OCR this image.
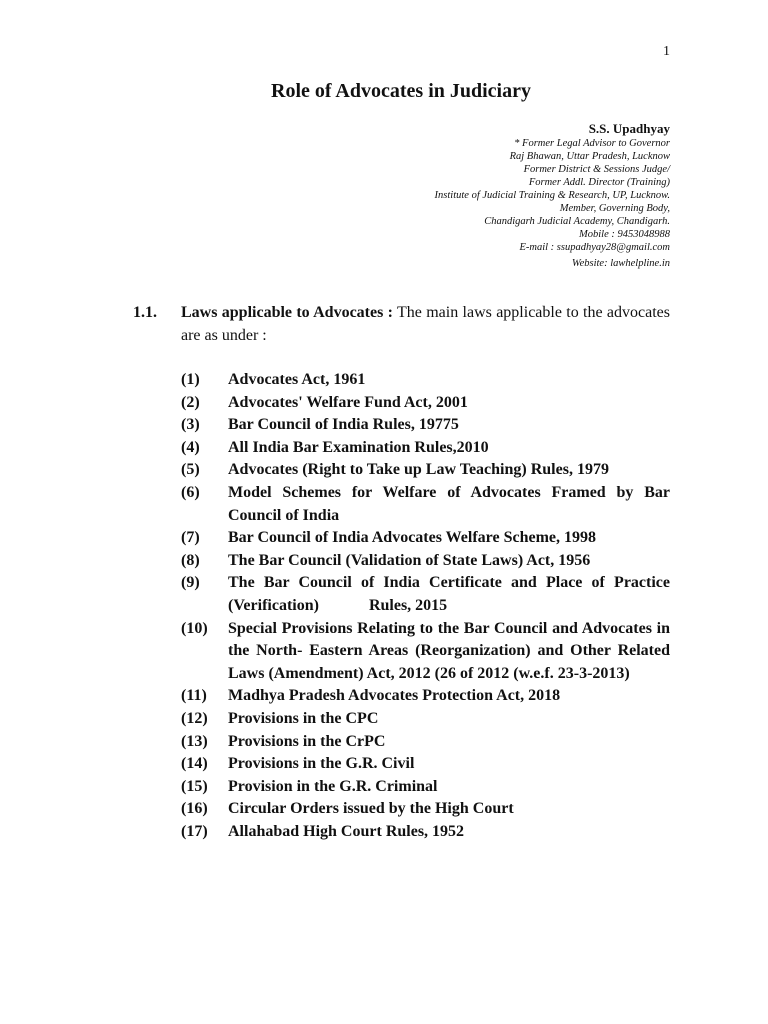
1
Role of Advocates in Judiciary
S.S. Upadhyay
* Former Legal Advisor to Governor
Raj Bhawan, Uttar Pradesh, Lucknow
Former District & Sessions Judge/
Former Addl. Director (Training)
Institute of Judicial Training & Research, UP, Lucknow.
Member, Governing Body,
Chandigarh Judicial Academy, Chandigarh.
Mobile : 9453048988
E-mail : ssupadhyay28@gmail.com
Website: lawhelpline.in
1.1.	Laws applicable to Advocates : The main laws applicable to the advocates are as under :
(1)	Advocates Act, 1961
(2)	Advocates' Welfare Fund Act, 2001
(3)	Bar Council of India Rules, 19775
(4)	All India Bar Examination Rules,2010
(5)	Advocates (Right to Take up Law Teaching) Rules, 1979
(6)	Model Schemes for Welfare of Advocates Framed by Bar Council of India
(7)	Bar Council of India Advocates Welfare Scheme, 1998
(8)	The Bar Council (Validation of State Laws) Act, 1956
(9)	The Bar Council of India Certificate and Place of Practice (Verification)	Rules, 2015
(10)	Special Provisions Relating to the Bar Council and Advocates in the North- Eastern Areas (Reorganization) and Other Related Laws (Amendment) Act, 2012 (26 of 2012 (w.e.f. 23-3-2013)
(11)	Madhya Pradesh Advocates Protection Act, 2018
(12)	Provisions in the CPC
(13)	Provisions in the CrPC
(14)	Provisions in the G.R. Civil
(15)	Provision in the G.R. Criminal
(16)	Circular Orders issued by the High Court
(17)	Allahabad High Court Rules, 1952
